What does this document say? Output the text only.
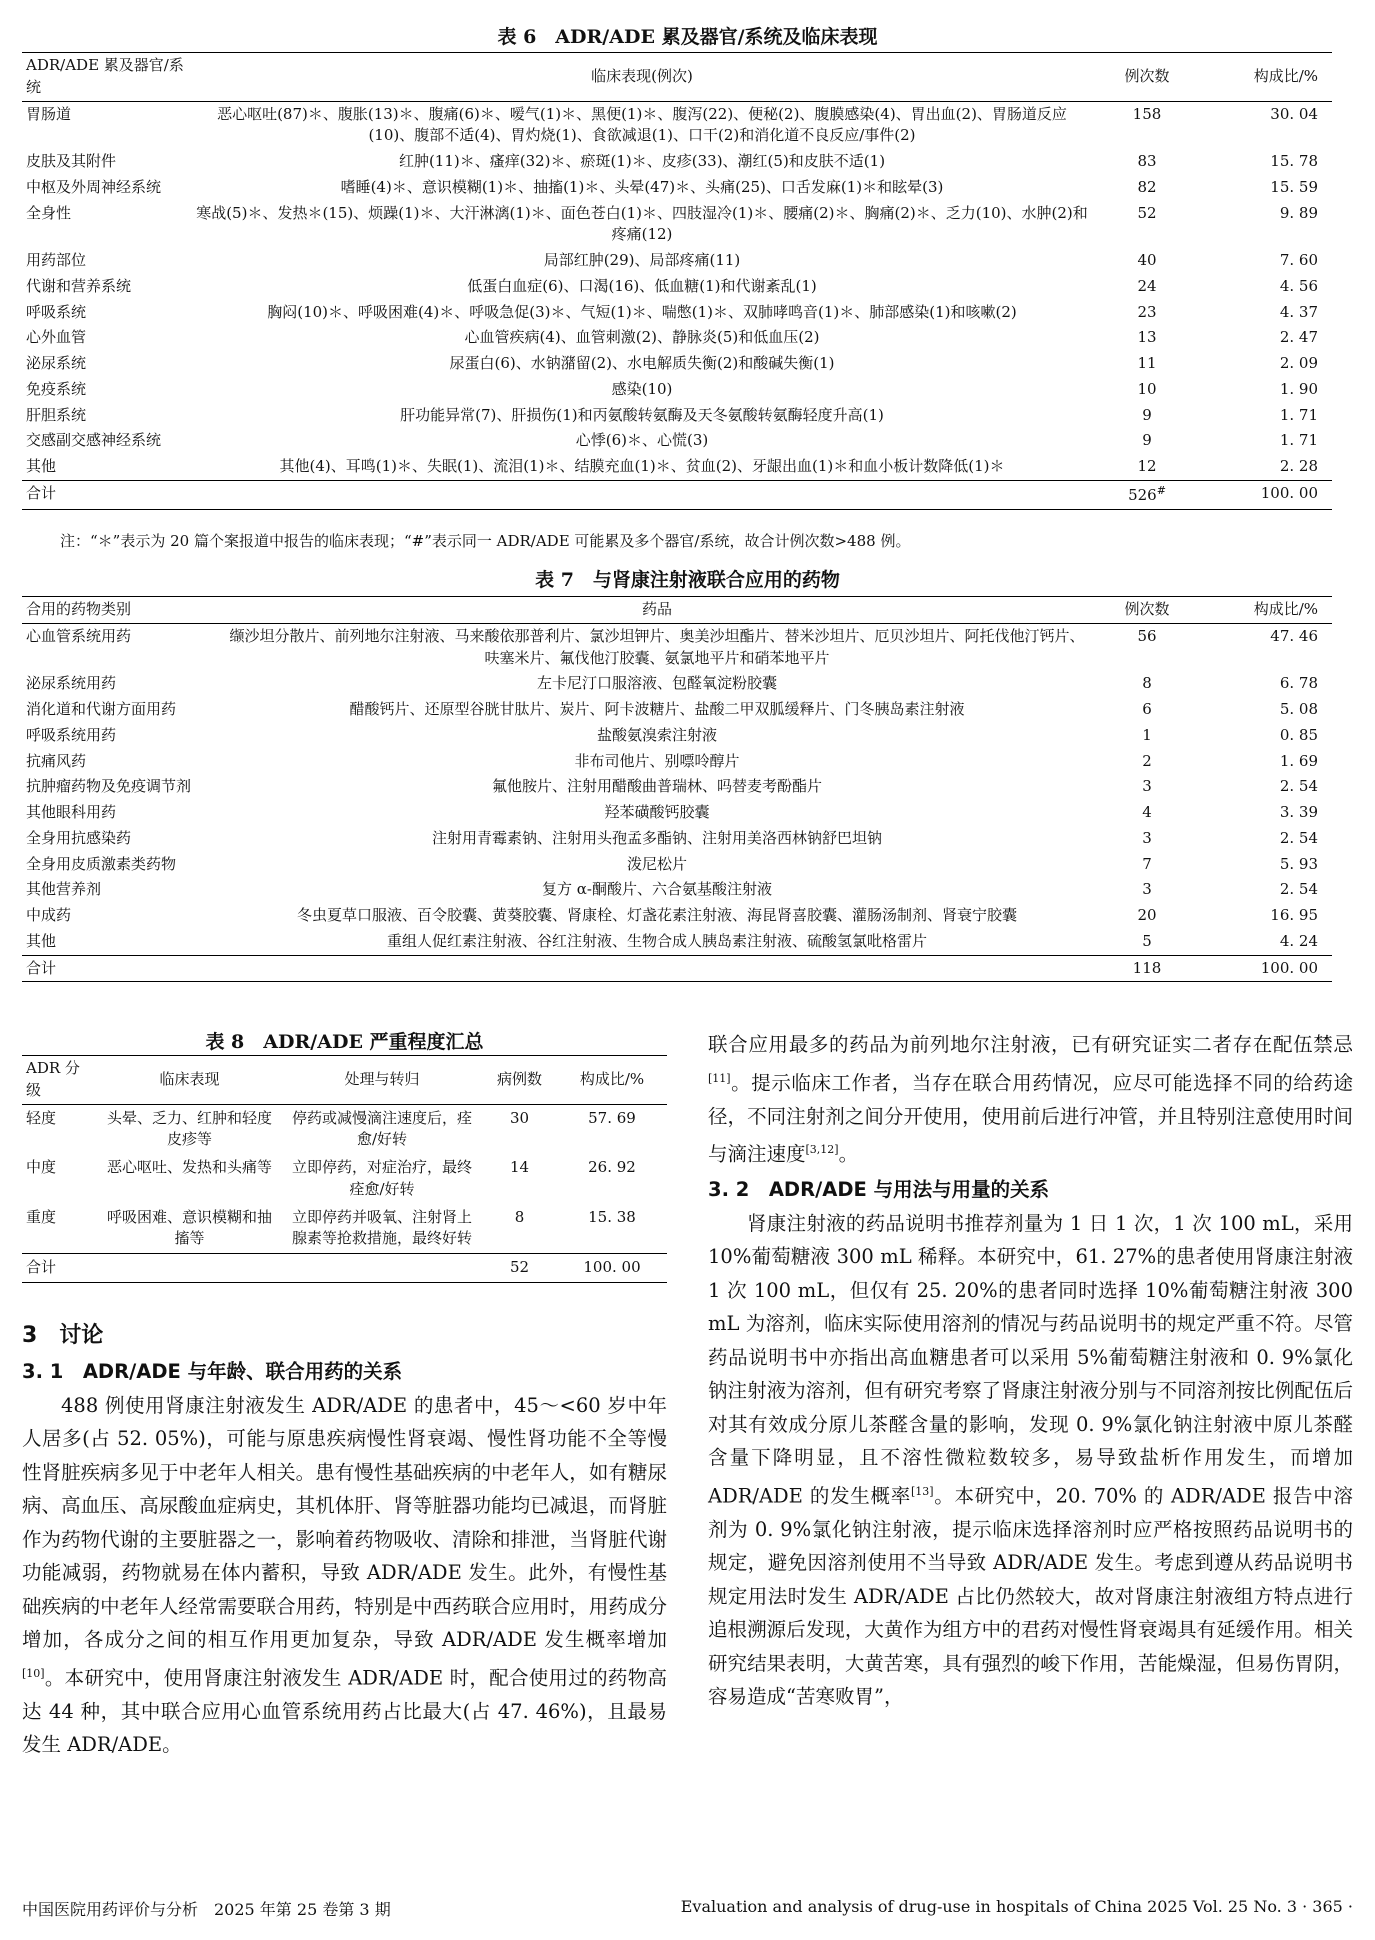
表 6　ADR/ADE 累及器官/系统及临床表现
ADR/ADE 累及器官/系统	临床表现(例次)	例次数	构成比/%
胃肠道	恶心呕吐(87)＊、腹胀(13)＊、腹痛(6)＊、嗳气(1)＊、黑便(1)＊、腹泻(22)、便秘(2)、腹膜感染(4)、胃出血(2)、胃肠道反应(10)、腹部不适(4)、胃灼烧(1)、食欲减退(1)、口干(2)和消化道不良反应/事件(2)	158	30. 04
皮肤及其附件	红肿(11)＊、瘙痒(32)＊、瘀斑(1)＊、皮疹(33)、潮红(5)和皮肤不适(1)	83	15. 78
中枢及外周神经系统	嗜睡(4)＊、意识模糊(1)＊、抽搐(1)＊、头晕(47)＊、头痛(25)、口舌发麻(1)＊和眩晕(3)	82	15. 59
全身性	寒战(5)＊、发热＊(15)、烦躁(1)＊、大汗淋漓(1)＊、面色苍白(1)＊、四肢湿冷(1)＊、腰痛(2)＊、胸痛(2)＊、乏力(10)、水肿(2)和疼痛(12)	52	9. 89
用药部位	局部红肿(29)、局部疼痛(11)	40	7. 60
代谢和营养系统	低蛋白血症(6)、口渴(16)、低血糖(1)和代谢紊乱(1)	24	4. 56
呼吸系统	胸闷(10)＊、呼吸困难(4)＊、呼吸急促(3)＊、气短(1)＊、喘憋(1)＊、双肺哮鸣音(1)＊、肺部感染(1)和咳嗽(2)	23	4. 37
心外血管	心血管疾病(4)、血管刺激(2)、静脉炎(5)和低血压(2)	13	2. 47
泌尿系统	尿蛋白(6)、水钠潴留(2)、水电解质失衡(2)和酸碱失衡(1)	11	2. 09
免疫系统	感染(10)	10	1. 90
肝胆系统	肝功能异常(7)、肝损伤(1)和丙氨酸转氨酶及天冬氨酸转氨酶轻度升高(1)	9	1. 71
交感副交感神经系统	心悸(6)＊、心慌(3)	9	1. 71
其他	其他(4)、耳鸣(1)＊、失眠(1)、流泪(1)＊、结膜充血(1)＊、贫血(2)、牙龈出血(1)＊和血小板计数降低(1)＊	12	2. 28
合计		526#	100. 00
注：“＊”表示为 20 篇个案报道中报告的临床表现；“#”表示同一 ADR/ADE 可能累及多个器官/系统，故合计例次数>488 例。
表 7　与肾康注射液联合应用的药物
合用的药物类别	药品	例次数	构成比/%
心血管系统用药	缬沙坦分散片、前列地尔注射液、马来酸依那普利片、氯沙坦钾片、奥美沙坦酯片、替米沙坦片、厄贝沙坦片、阿托伐他汀钙片、呋塞米片、氟伐他汀胶囊、氨氯地平片和硝苯地平片	56	47. 46
泌尿系统用药	左卡尼汀口服溶液、包醛氧淀粉胶囊	8	6. 78
消化道和代谢方面用药	醋酸钙片、还原型谷胱甘肽片、炭片、阿卡波糖片、盐酸二甲双胍缓释片、门冬胰岛素注射液	6	5. 08
呼吸系统用药	盐酸氨溴索注射液	1	0. 85
抗痛风药	非布司他片、别嘌呤醇片	2	1. 69
抗肿瘤药物及免疫调节剂	氟他胺片、注射用醋酸曲普瑞林、吗替麦考酚酯片	3	2. 54
其他眼科用药	羟苯磺酸钙胶囊	4	3. 39
全身用抗感染药	注射用青霉素钠、注射用头孢孟多酯钠、注射用美洛西林钠舒巴坦钠	3	2. 54
全身用皮质激素类药物	泼尼松片	7	5. 93
其他营养剂	复方 α-酮酸片、六合氨基酸注射液	3	2. 54
中成药	冬虫夏草口服液、百令胶囊、黄葵胶囊、肾康栓、灯盏花素注射液、海昆肾喜胶囊、灌肠汤制剂、肾衰宁胶囊	20	16. 95
其他	重组人促红素注射液、谷红注射液、生物合成人胰岛素注射液、硫酸氢氯吡格雷片	5	4. 24
合计		118	100. 00
表 8　ADR/ADE 严重程度汇总
ADR 分级	临床表现	处理与转归	病例数	构成比/%
轻度	头晕、乏力、红肿和轻度皮疹等	停药或减慢滴注速度后，痊愈/好转	30	57. 69
中度	恶心呕吐、发热和头痛等	立即停药，对症治疗，最终痊愈/好转	14	26. 92
重度	呼吸困难、意识模糊和抽搐等	立即停药并吸氧、注射肾上腺素等抢救措施，最终好转	8	15. 38
合计			52	100. 00
3　讨论
3. 1　ADR/ADE 与年龄、联合用药的关系

488 例使用肾康注射液发生 ADR/ADE 的患者中，45～<60 岁中年人居多(占 52. 05%)，可能与原患疾病慢性肾衰竭、慢性肾功能不全等慢性肾脏疾病多见于中老年人相关。患有慢性基础疾病的中老年人，如有糖尿病、高血压、高尿酸血症病史，其机体肝、肾等脏器功能均已减退，而肾脏作为药物代谢的主要脏器之一，影响着药物吸收、清除和排泄，当肾脏代谢功能减弱，药物就易在体内蓄积，导致 ADR/ADE 发生。此外，有慢性基础疾病的中老年人经常需要联合用药，特别是中西药联合应用时，用药成分增加，各成分之间的相互作用更加复杂，导致 ADR/ADE 发生概率增加[10]。本研究中，使用肾康注射液发生 ADR/ADE 时，配合使用过的药物高达 44 种，其中联合应用心血管系统用药占比最大(占 47. 46%)，且最易发生 ADR/ADE。

联合应用最多的药品为前列地尔注射液，已有研究证实二者存在配伍禁忌[11]。提示临床工作者，当存在联合用药情况，应尽可能选择不同的给药途径，不同注射剂之间分开使用，使用前后进行冲管，并且特别注意使用时间与滴注速度[3,12]。

3. 2　ADR/ADE 与用法与用量的关系

肾康注射液的药品说明书推荐剂量为 1 日 1 次，1 次 100 mL，采用 10%葡萄糖液 300 mL 稀释。本研究中，61. 27%的患者使用肾康注射液 1 次 100 mL，但仅有 25. 20%的患者同时选择 10%葡萄糖注射液 300 mL 为溶剂，临床实际使用溶剂的情况与药品说明书的规定严重不符。尽管药品说明书中亦指出高血糖患者可以采用 5%葡萄糖注射液和 0. 9%氯化钠注射液为溶剂，但有研究考察了肾康注射液分别与不同溶剂按比例配伍后对其有效成分原儿茶醛含量的影响，发现 0. 9%氯化钠注射液中原儿茶醛含量下降明显，且不溶性微粒数较多，易导致盐析作用发生，而增加 ADR/ADE 的发生概率[13]。本研究中，20. 70% 的 ADR/ADE 报告中溶剂为 0. 9%氯化钠注射液，提示临床选择溶剂时应严格按照药品说明书的规定，避免因溶剂使用不当导致 ADR/ADE 发生。考虑到遵从药品说明书规定用法时发生 ADR/ADE 占比仍然较大，故对肾康注射液组方特点进行追根溯源后发现，大黄作为组方中的君药对慢性肾衰竭具有延缓作用。相关研究结果表明，大黄苦寒，具有强烈的峻下作用，苦能燥湿，但易伤胃阴，容易造成“苦寒败胃”，

中国医院用药评价与分析　2025 年第 25 卷第 3 期	Evaluation and analysis of drug-use in hospitals of China 2025 Vol. 25 No. 3 · 365 ·
